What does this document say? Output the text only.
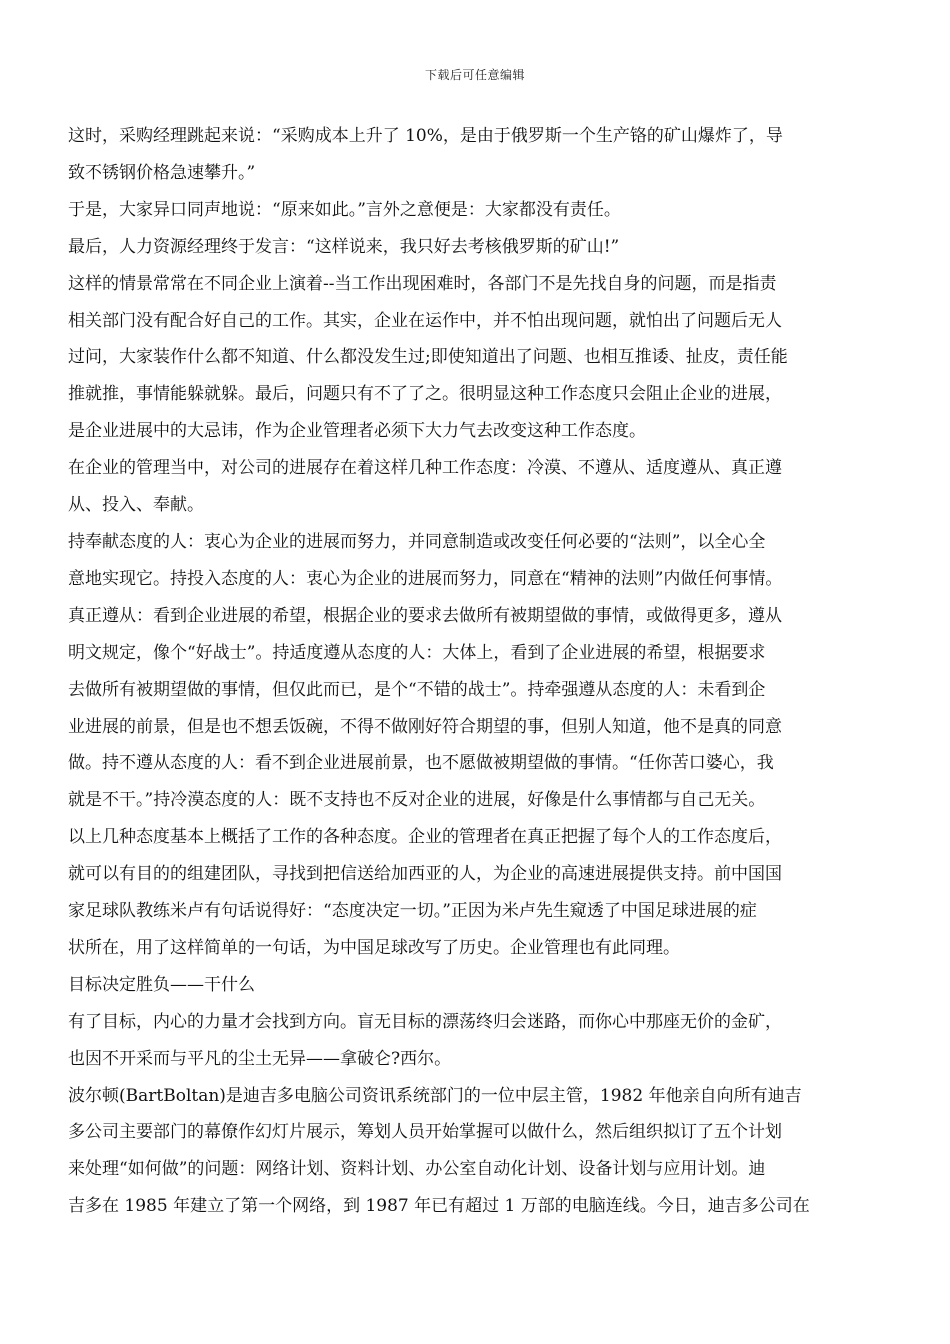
下载后可任意编辑

这时，采购经理跳起来说：“采购成本上升了 10%，是由于俄罗斯一个生产铬的矿山爆炸了，导

致不锈钢价格急速攀升。”

于是，大家异口同声地说：“原来如此。”言外之意便是：大家都没有责任。

最后，人力资源经理终于发言：“这样说来，我只好去考核俄罗斯的矿山!”

这样的情景常常在不同企业上演着--当工作出现困难时，各部门不是先找自身的问题，而是指责

相关部门没有配合好自己的工作。其实，企业在运作中，并不怕出现问题，就怕出了问题后无人

过问，大家装作什么都不知道、什么都没发生过;即使知道出了问题、也相互推诿、扯皮，责任能

推就推，事情能躲就躲。最后，问题只有不了了之。很明显这种工作态度只会阻止企业的进展，

是企业进展中的大忌讳，作为企业管理者必须下大力气去改变这种工作态度。

在企业的管理当中，对公司的进展存在着这样几种工作态度：冷漠、不遵从、适度遵从、真正遵

从、投入、奉献。

持奉献态度的人：衷心为企业的进展而努力，并同意制造或改变任何必要的“法则”，以全心全

意地实现它。持投入态度的人：衷心为企业的进展而努力，同意在“精神的法则”内做任何事情。

真正遵从：看到企业进展的希望，根据企业的要求去做所有被期望做的事情，或做得更多，遵从

明文规定，像个“好战士”。持适度遵从态度的人：大体上，看到了企业进展的希望，根据要求

去做所有被期望做的事情，但仅此而已，是个“不错的战士”。持牵强遵从态度的人：未看到企

业进展的前景，但是也不想丢饭碗，不得不做刚好符合期望的事，但别人知道，他不是真的同意

做。持不遵从态度的人：看不到企业进展前景，也不愿做被期望做的事情。“任你苦口婆心，我

就是不干。”持冷漠态度的人：既不支持也不反对企业的进展，好像是什么事情都与自己无关。

以上几种态度基本上概括了工作的各种态度。企业的管理者在真正把握了每个人的工作态度后，

就可以有目的的组建团队，寻找到把信送给加西亚的人，为企业的高速进展提供支持。前中国国

家足球队教练米卢有句话说得好：“态度决定一切。”正因为米卢先生窥透了中国足球进展的症

状所在，用了这样简单的一句话，为中国足球改写了历史。企业管理也有此同理。

目标决定胜负——干什么

有了目标，内心的力量才会找到方向。盲无目标的漂荡终归会迷路，而你心中那座无价的金矿，

也因不开采而与平凡的尘土无异——拿破仑?西尔。

波尔顿(BartBoltan)是迪吉多电脑公司资讯系统部门的一位中层主管，1982 年他亲自向所有迪吉

多公司主要部门的幕僚作幻灯片展示，筹划人员开始掌握可以做什么，然后组织拟订了五个计划

来处理“如何做”的问题：网络计划、资料计划、办公室自动化计划、设备计划与应用计划。迪

吉多在 1985 年建立了第一个网络，到 1987 年已有超过 1 万部的电脑连线。今日，迪吉多公司在
